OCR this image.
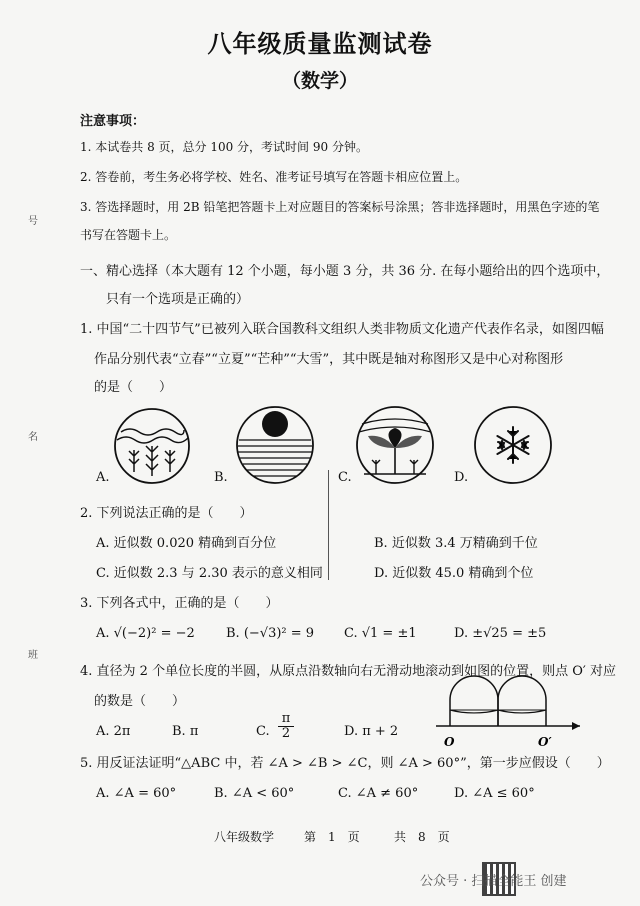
八年级质量监测试卷
（数学）
号
名
班
注意事项：
1. 本试卷共 8 页，总分 100 分，考试时间 90 分钟。
2. 答卷前，考生务必将学校、姓名、准考证号填写在答题卡相应位置上。
3. 答选择题时，用 2B 铅笔把答题卡上对应题目的答案标号涂黑；答非选择题时，用黑色字迹的笔
书写在答题卡上。
一、精心选择（本大题有 12 个小题，每小题 3 分，共 36 分. 在每小题给出的四个选项中，
只有一个选项是正确的）
1. 中国“二十四节气”已被列入联合国教科文组织人类非物质文化遗产代表作名录，如图四幅
作品分别代表“立春”“立夏”“芒种”“大雪”，其中既是轴对称图形又是中心对称图形
的是（　　）
A.	B.	C.	D.
2. 下列说法正确的是（　　）
A. 近似数 0.020 精确到百分位	B. 近似数 3.4 万精确到千位
C. 近似数 2.3 与 2.30 表示的意义相同	D. 近似数 45.0 精确到个位
3. 下列各式中，正确的是（　　）
A. √(−2)² = −2 B. (−√3)² = 9 C. √1 = ±1	D. ±√25 = ±5
4. 直径为 2 个单位长度的半圆，从原点沿数轴向右无滑动地滚动到如图的位置，则点 O′ 对应
的数是（　　）
A. 2π	B. π	C. $\frac{\pi}{2}$	D. π + 2
O	O′
5. 用反证法证明“△ABC 中，若 ∠A > ∠B > ∠C，则 ∠A > 60°”，第一步应假设（　　）
A. ∠A = 60°	B. ∠A < 60°	C. ∠A ≠ 60°	D. ∠A ≤ 60°
八年级数学 第　1　页	共　8　页
公众号 · 扫描全能王 创建
